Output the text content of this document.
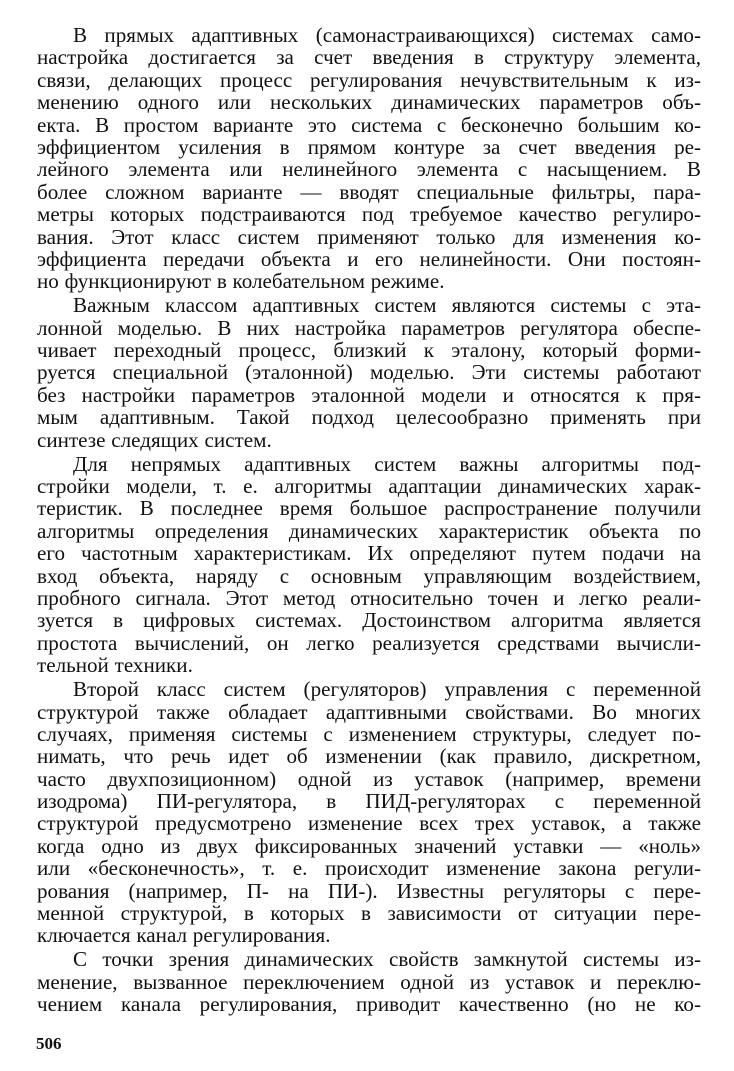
В прямых адаптивных (самонастраивающихся) системах само-
настройка достигается за счет введения в структуру элемента,
связи, делающих процесс регулирования нечувствительным к из-
менению одного или нескольких динамических параметров объ-
екта. В простом варианте это система с бесконечно большим ко-
эффициентом усиления в прямом контуре за счет введения ре-
лейного элемента или нелинейного элемента с насыщением. В
более сложном варианте — вводят специальные фильтры, пара-
метры которых подстраиваются под требуемое качество регулиро-
вания. Этот класс систем применяют только для изменения ко-
эффициента передачи объекта и его нелинейности. Они постоян-
но функционируют в колебательном режиме.
Важным классом адаптивных систем являются системы с эта-
лонной моделью. В них настройка параметров регулятора обеспе-
чивает переходный процесс, близкий к эталону, который форми-
руется специальной (эталонной) моделью. Эти системы работают
без настройки параметров эталонной модели и относятся к пря-
мым адаптивным. Такой подход целесообразно применять при
синтезе следящих систем.
Для непрямых адаптивных систем важны алгоритмы под-
стройки модели, т. е. алгоритмы адаптации динамических харак-
теристик. В последнее время большое распространение получили
алгоритмы определения динамических характеристик объекта по
его частотным характеристикам. Их определяют путем подачи на
вход объекта, наряду с основным управляющим воздействием,
пробного сигнала. Этот метод относительно точен и легко реали-
зуется в цифровых системах. Достоинством алгоритма является
простота вычислений, он легко реализуется средствами вычисли-
тельной техники.
Второй класс систем (регуляторов) управления с переменной
структурой также обладает адаптивными свойствами. Во многих
случаях, применяя системы с изменением структуры, следует по-
нимать, что речь идет об изменении (как правило, дискретном,
часто двухпозиционном) одной из уставок (например, времени
изодрома) ПИ-регулятора, в ПИД-регуляторах с переменной
структурой предусмотрено изменение всех трех уставок, а также
когда одно из двух фиксированных значений уставки — «ноль»
или «бесконечность», т. е. происходит изменение закона регули-
рования (например, П- на ПИ-). Известны регуляторы с пере-
менной структурой, в которых в зависимости от ситуации пере-
ключается канал регулирования.
С точки зрения динамических свойств замкнутой системы из-
менение, вызванное переключением одной из уставок и переклю-
чением канала регулирования, приводит качественно (но не ко-
506
